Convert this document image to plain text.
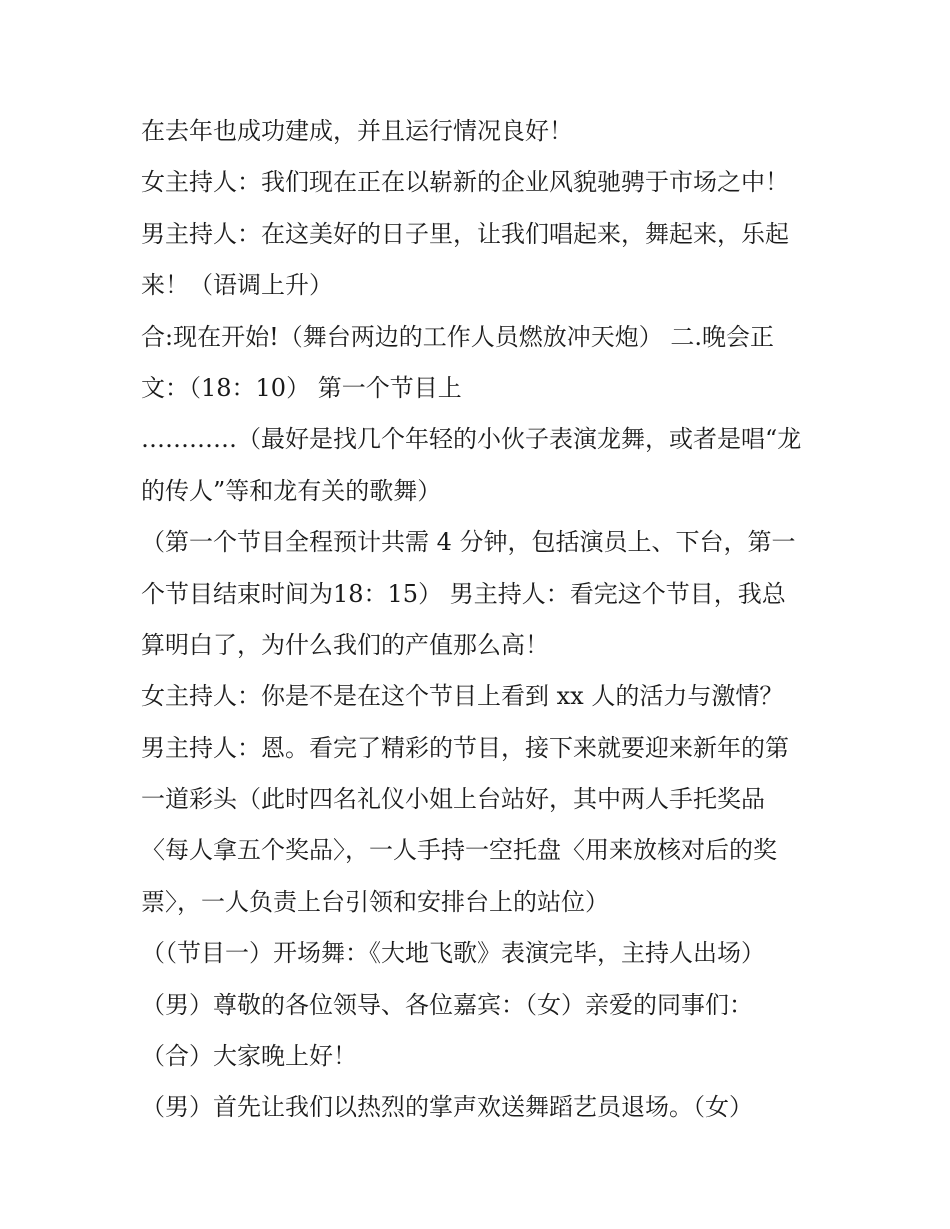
在去年也成功建成，并且运行情况良好！
女主持人：我们现在正在以崭新的企业风貌驰骋于市场之中！
男主持人：在这美好的日子里，让我们唱起来，舞起来，乐起
来！（语调上升）
合:现在开始!（舞台两边的工作人员燃放冲天炮） 二.晚会正
文：（18：10） 第一个节目上
…………（最好是找几个年轻的小伙子表演龙舞，或者是唱“龙
的传人”等和龙有关的歌舞）
（第一个节目全程预计共需 4 分钟，包括演员上、下台，第一
个节目结束时间为18：15） 男主持人：看完这个节目，我总
算明白了，为什么我们的产值那么高！
女主持人：你是不是在这个节目上看到 xx 人的活力与激情？
男主持人：恩。看完了精彩的节目，接下来就要迎来新年的第
一道彩头（此时四名礼仪小姐上台站好，其中两人手托奖品
〈每人拿五个奖品〉，一人手持一空托盘〈用来放核对后的奖
票〉，一人负责上台引领和安排台上的站位）
（（节目一）开场舞：《大地飞歌》表演完毕，主持人出场）
（男）尊敬的各位领导、各位嘉宾：（女）亲爱的同事们：
（合）大家晚上好！
（男）首先让我们以热烈的掌声欢送舞蹈艺员退场。（女）
